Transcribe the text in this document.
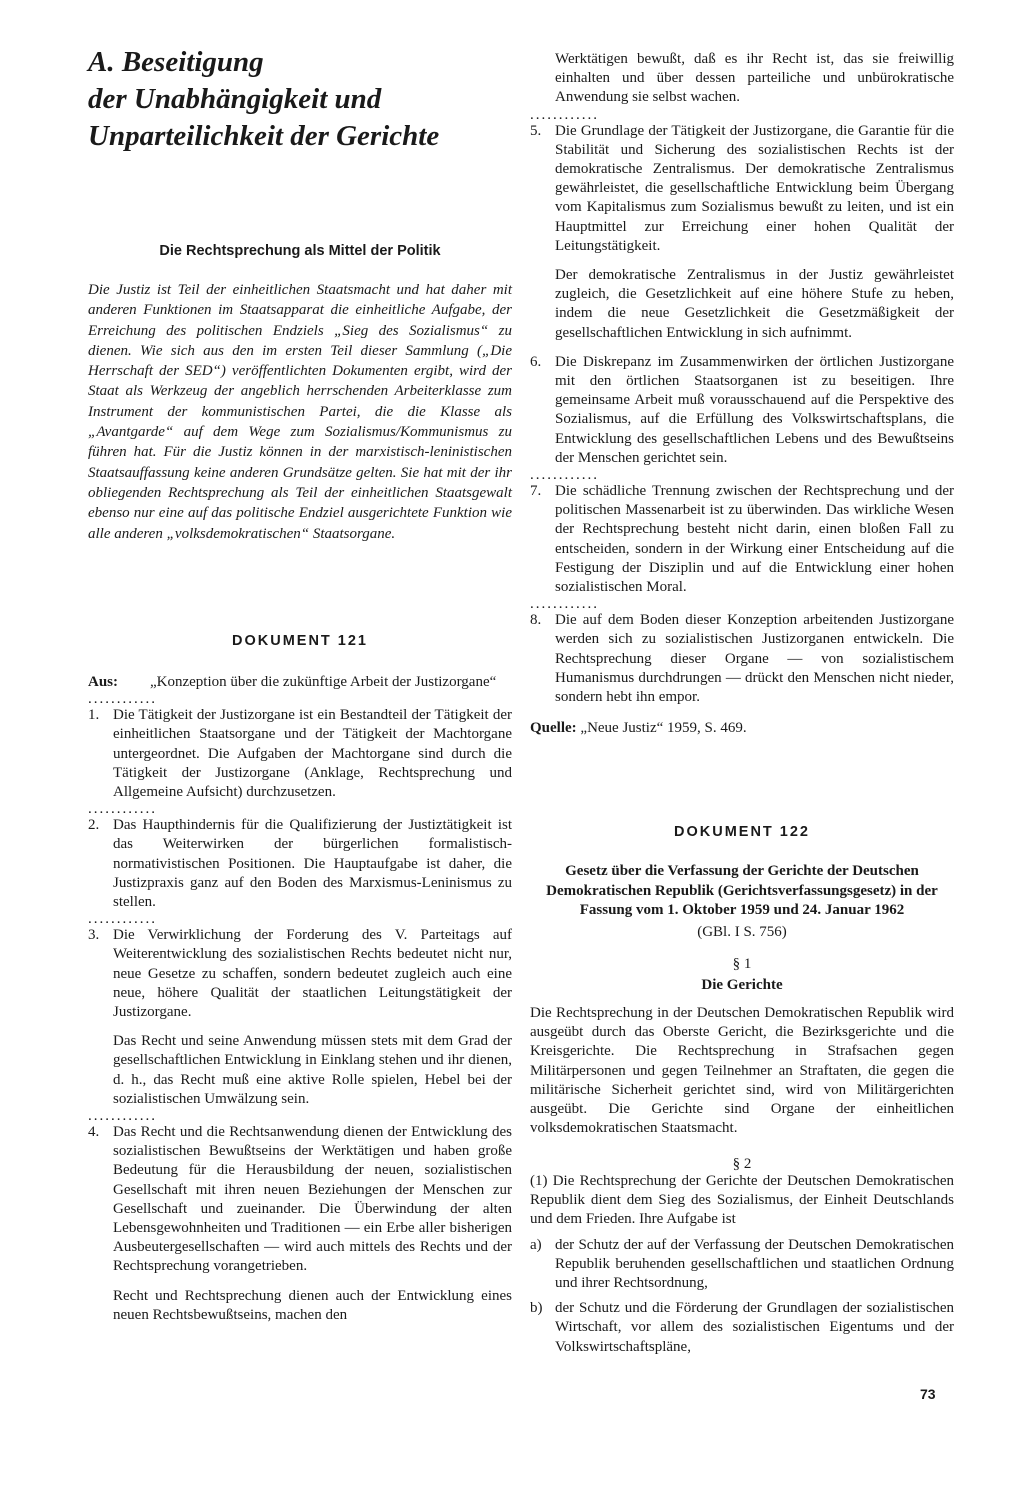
A. Beseitigung
der Unabhängigkeit und
Unparteilichkeit der Gerichte
Die Rechtsprechung als Mittel der Politik

Die Justiz ist Teil der einheitlichen Staatsmacht und hat daher mit anderen Funktionen im Staatsapparat die einheitliche Aufgabe, der Erreichung des politischen Endziels „Sieg des Sozialismus“ zu dienen. Wie sich aus den im ersten Teil dieser Sammlung („Die Herrschaft der SED“) veröffentlichten Dokumenten ergibt, wird der Staat als Werkzeug der angeblich herrschenden Arbeiterklasse zum Instrument der kommunistischen Partei, die die Klasse als „Avantgarde“ auf dem Wege zum Sozialismus/Kommunismus zu führen hat. Für die Justiz können in der marxistisch-leninistischen Staatsauffassung keine anderen Grundsätze gelten. Sie hat mit der ihr obliegenden Rechtsprechung als Teil der einheitlichen Staatsgewalt ebenso nur eine auf das politische Endziel ausgerichtete Funktion wie alle anderen „volksdemokratischen“ Staatsorgane.

DOKUMENT 121
Aus:	„Konzeption über die zukünftige Arbeit der Justizorgane“
............
1. Die Tätigkeit der Justizorgane ist ein Bestandteil der Tätigkeit der einheitlichen Staatsorgane und der Tätigkeit der Machtorgane untergeordnet. Die Aufgaben der Machtorgane sind durch die Tätigkeit der Justizorgane (Anklage, Rechtsprechung und Allgemeine Aufsicht) durchzusetzen.
............
2. Das Haupthindernis für die Qualifizierung der Justiztätigkeit ist das Weiterwirken der bürgerlichen formalistisch-normativistischen Positionen. Die Hauptaufgabe ist daher, die Justizpraxis ganz auf den Boden des Marxismus-Leninismus zu stellen.
............
3. Die Verwirklichung der Forderung des V. Parteitags auf Weiterentwicklung des sozialistischen Rechts bedeutet nicht nur, neue Gesetze zu schaffen, sondern bedeutet zugleich auch eine neue, höhere Qualität der staatlichen Leitungstätigkeit der Justizorgane.
Das Recht und seine Anwendung müssen stets mit dem Grad der gesellschaftlichen Entwicklung in Einklang stehen und ihr dienen, d. h., das Recht muß eine aktive Rolle spielen, Hebel bei der sozialistischen Umwälzung sein.
............
4. Das Recht und die Rechtsanwendung dienen der Entwicklung des sozialistischen Bewußtseins der Werktätigen und haben große Bedeutung für die Herausbildung der neuen, sozialistischen Gesellschaft mit ihren neuen Beziehungen der Menschen zur Gesellschaft und zueinander. Die Überwindung der alten Lebensgewohnheiten und Traditionen — ein Erbe aller bisherigen Ausbeutergesellschaften — wird auch mittels des Rechts und der Rechtsprechung vorangetrieben.
Recht und Rechtsprechung dienen auch der Entwicklung eines neuen Rechtsbewußtseins, machen den
Werktätigen bewußt, daß es ihr Recht ist, das sie freiwillig einhalten und über dessen parteiliche und unbürokratische Anwendung sie selbst wachen.
............
5. Die Grundlage der Tätigkeit der Justizorgane, die Garantie für die Stabilität und Sicherung des sozialistischen Rechts ist der demokratische Zentralismus. Der demokratische Zentralismus gewährleistet, die gesellschaftliche Entwicklung beim Übergang vom Kapitalismus zum Sozialismus bewußt zu leiten, und ist ein Hauptmittel zur Erreichung einer hohen Qualität der Leitungstätigkeit.
Der demokratische Zentralismus in der Justiz gewährleistet zugleich, die Gesetzlichkeit auf eine höhere Stufe zu heben, indem die neue Gesetzlichkeit die Gesetzmäßigkeit der gesellschaftlichen Entwicklung in sich aufnimmt.
6. Die Diskrepanz im Zusammenwirken der örtlichen Justizorgane mit den örtlichen Staatsorganen ist zu beseitigen. Ihre gemeinsame Arbeit muß vorausschauend auf die Perspektive des Sozialismus, auf die Erfüllung des Volkswirtschaftsplans, die Entwicklung des gesellschaftlichen Lebens und des Bewußtseins der Menschen gerichtet sein.
............
7. Die schädliche Trennung zwischen der Rechtsprechung und der politischen Massenarbeit ist zu überwinden. Das wirkliche Wesen der Rechtsprechung besteht nicht darin, einen bloßen Fall zu entscheiden, sondern in der Wirkung einer Entscheidung auf die Festigung der Disziplin und auf die Entwicklung einer hohen sozialistischen Moral.
............
8. Die auf dem Boden dieser Konzeption arbeitenden Justizorgane werden sich zu sozialistischen Justizorganen entwickeln. Die Rechtsprechung dieser Organe — von sozialistischem Humanismus durchdrungen — drückt den Menschen nicht nieder, sondern hebt ihn empor.
Quelle: „Neue Justiz“ 1959, S. 469.
DOKUMENT 122

Gesetz über die Verfassung der Gerichte der Deutschen Demokratischen Republik (Gerichtsverfassungsgesetz) in der Fassung vom 1. Oktober 1959 und 24. Januar 1962

(GBl. I S. 756)

§ 1

Die Gerichte

Die Rechtsprechung in der Deutschen Demokratischen Republik wird ausgeübt durch das Oberste Gericht, die Bezirksgerichte und die Kreisgerichte. Die Rechtsprechung in Strafsachen gegen Militärpersonen und gegen Teilnehmer an Straftaten, die gegen die militärische Sicherheit gerichtet sind, wird von Militärgerichten ausgeübt. Die Gerichte sind Organe der einheitlichen volksdemokratischen Staatsmacht.

§ 2

(1) Die Rechtsprechung der Gerichte der Deutschen Demokratischen Republik dient dem Sieg des Sozialismus, der Einheit Deutschlands und dem Frieden. Ihre Aufgabe ist
a) der Schutz der auf der Verfassung der Deutschen Demokratischen Republik beruhenden gesellschaftlichen und staatlichen Ordnung und ihrer Rechtsordnung,
b) der Schutz und die Förderung der Grundlagen der sozialistischen Wirtschaft, vor allem des sozialistischen Eigentums und der Volkswirtschaftspläne,
73
